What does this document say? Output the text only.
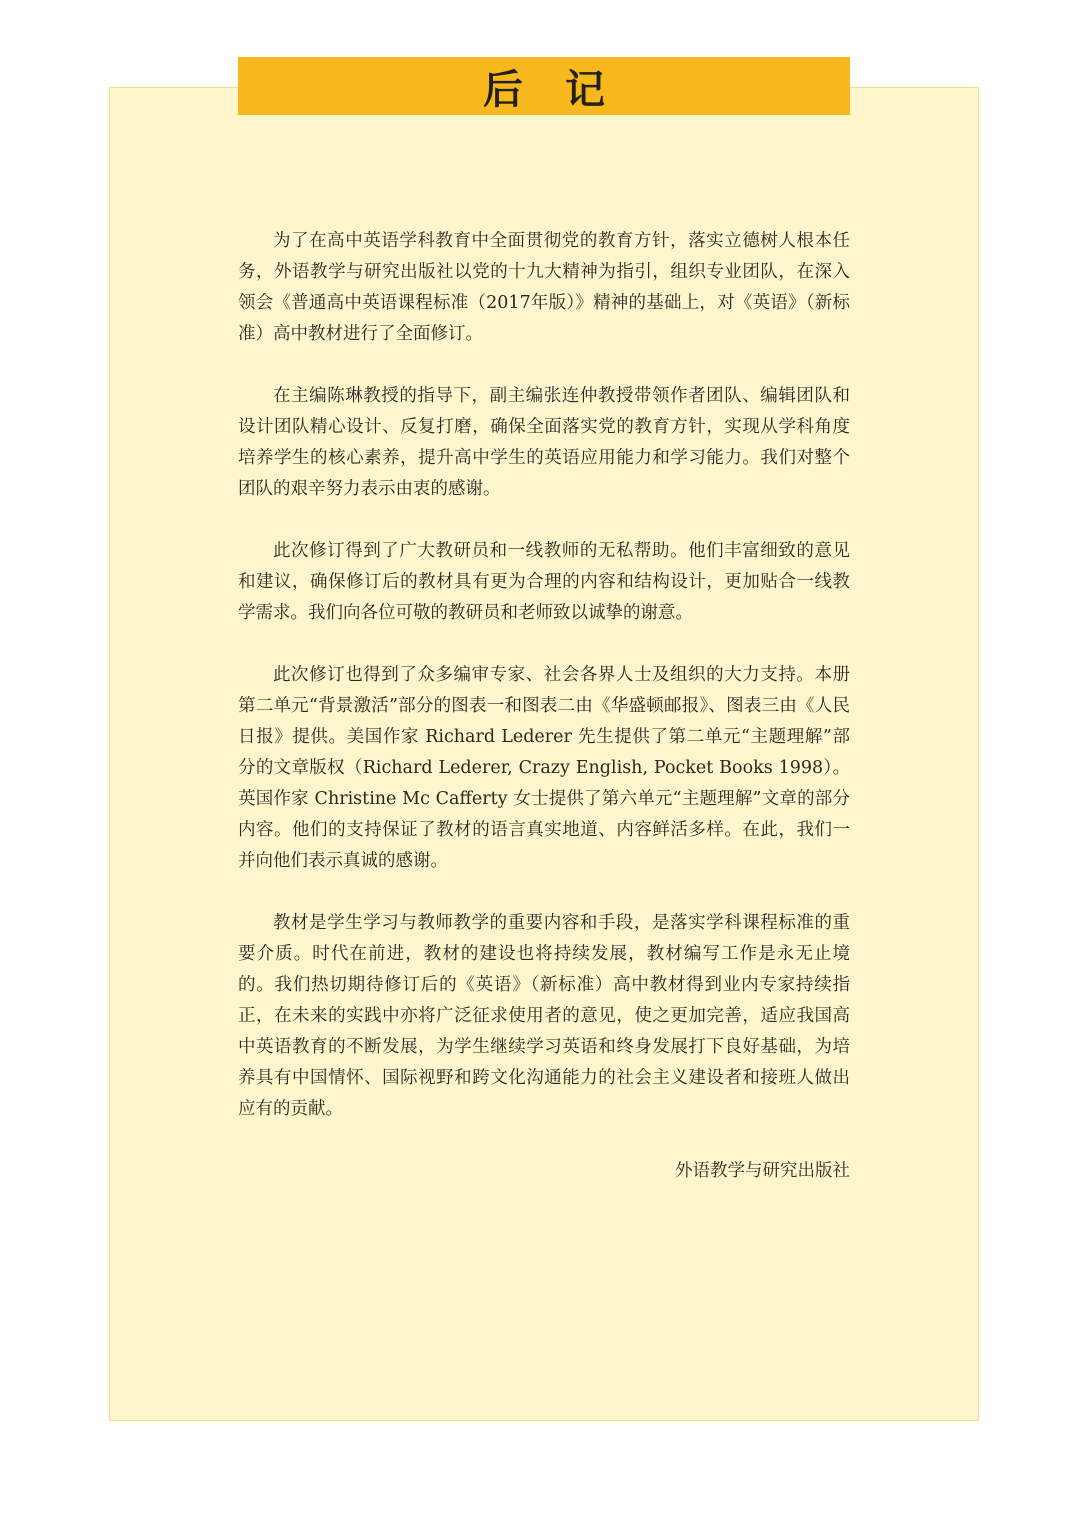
后 记

为了在高中英语学科教育中全面贯彻党的教育方针，落实立德树人根本任务，外语教学与研究出版社以党的十九大精神为指引，组织专业团队，在深入领会《普通高中英语课程标准（2017年版）》精神的基础上，对《英语》（新标准）高中教材进行了全面修订。

在主编陈琳教授的指导下，副主编张连仲教授带领作者团队、编辑团队和设计团队精心设计、反复打磨，确保全面落实党的教育方针，实现从学科角度培养学生的核心素养，提升高中学生的英语应用能力和学习能力。我们对整个团队的艰辛努力表示由衷的感谢。

此次修订得到了广大教研员和一线教师的无私帮助。他们丰富细致的意见和建议，确保修订后的教材具有更为合理的内容和结构设计，更加贴合一线教学需求。我们向各位可敬的教研员和老师致以诚挚的谢意。

此次修订也得到了众多编审专家、社会各界人士及组织的大力支持。本册第二单元“背景激活”部分的图表一和图表二由《华盛顿邮报》、图表三由《人民日报》提供。美国作家 Richard Lederer 先生提供了第二单元“主题理解”部分的文章版权（Richard Lederer, Crazy English, Pocket Books 1998）。英国作家 Christine Mc Cafferty 女士提供了第六单元“主题理解”文章的部分内容。他们的支持保证了教材的语言真实地道、内容鲜活多样。在此，我们一并向他们表示真诚的感谢。

教材是学生学习与教师教学的重要内容和手段，是落实学科课程标准的重要介质。时代在前进，教材的建设也将持续发展，教材编写工作是永无止境的。我们热切期待修订后的《英语》（新标准）高中教材得到业内专家持续指正，在未来的实践中亦将广泛征求使用者的意见，使之更加完善，适应我国高中英语教育的不断发展，为学生继续学习英语和终身发展打下良好基础，为培养具有中国情怀、国际视野和跨文化沟通能力的社会主义建设者和接班人做出应有的贡献。

外语教学与研究出版社
